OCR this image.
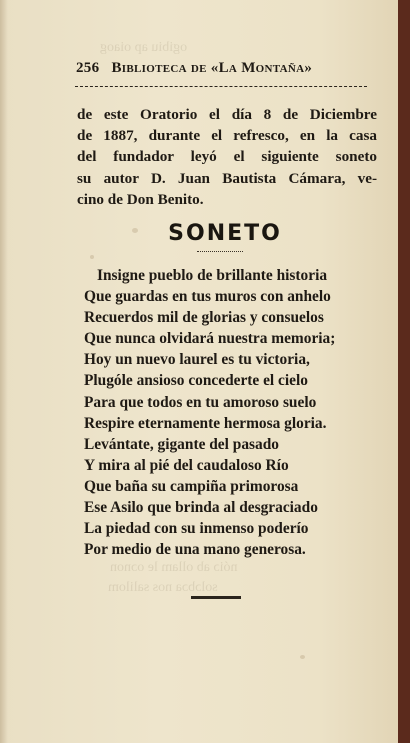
ogibiu ap oiaog
nóiɔ ab ollam le oɔnon
solɔbɔa nos salilom
256 Biblioteca de «La Montaña»
de este Oratorio el día 8 de Diciembre
de 1887, durante el refresco, en la casa
del fundador leyó el siguiente soneto
su autor D. Juan Bautista Cámara, ve-
cino de Don Benito.
SONETO
Insigne pueblo de brillante historia
Que guardas en tus muros con anhelo
Recuerdos mil de glorias y consuelos
Que nunca olvidará nuestra memoria;
Hoy un nuevo laurel es tu victoria,
Plugóle ansioso concederte el cielo
Para que todos en tu amoroso suelo
Respire eternamente hermosa gloria.
Levántate, gigante del pasado
Y mira al pié del caudaloso Río
Que baña su campiña primorosa
Ese Asilo que brinda al desgraciado
La piedad con su inmenso poderío
Por medio de una mano generosa.
